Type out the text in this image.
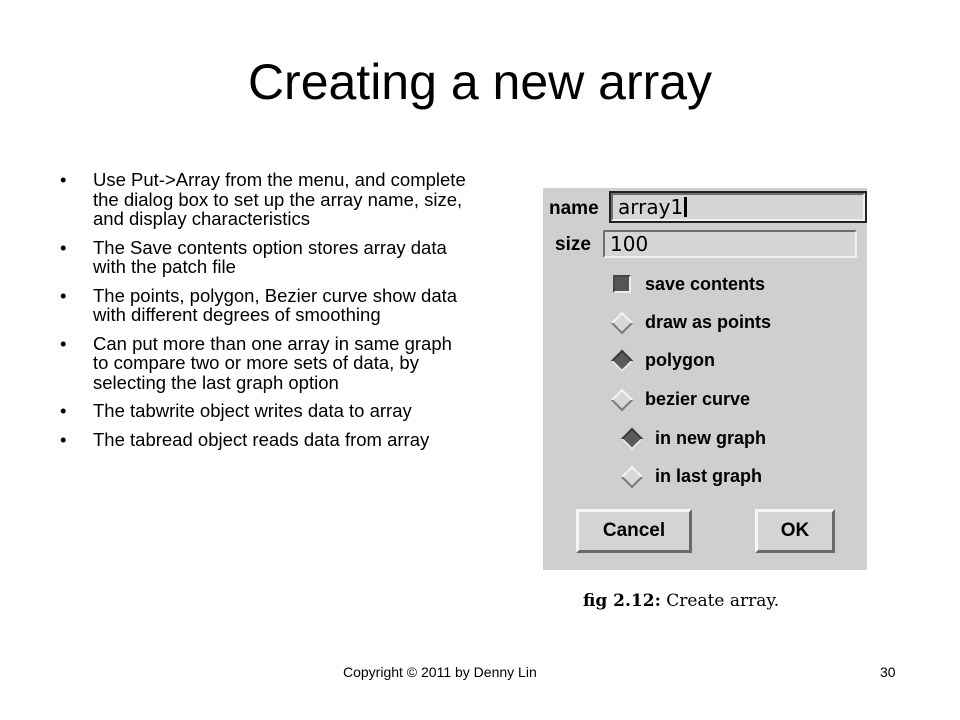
Creating a new array
• Use Put->Array from the menu, and complete the dialog box to set up the array name, size, and display characteristics
• The Save contents option stores array data with the patch file
• The points, polygon, Bezier curve show data with different degrees of smoothing
• Can put more than one array in same graph to compare two or more sets of data, by selecting the last graph option
• The tabwrite object writes data to array
• The tabread object reads data from array
name array1
size 100
save contents
draw as points
polygon
bezier curve
in new graph
in last graph
Cancel	OK
fig 2.12: Create array.
Copyright © 2011 by Denny Lin	30
